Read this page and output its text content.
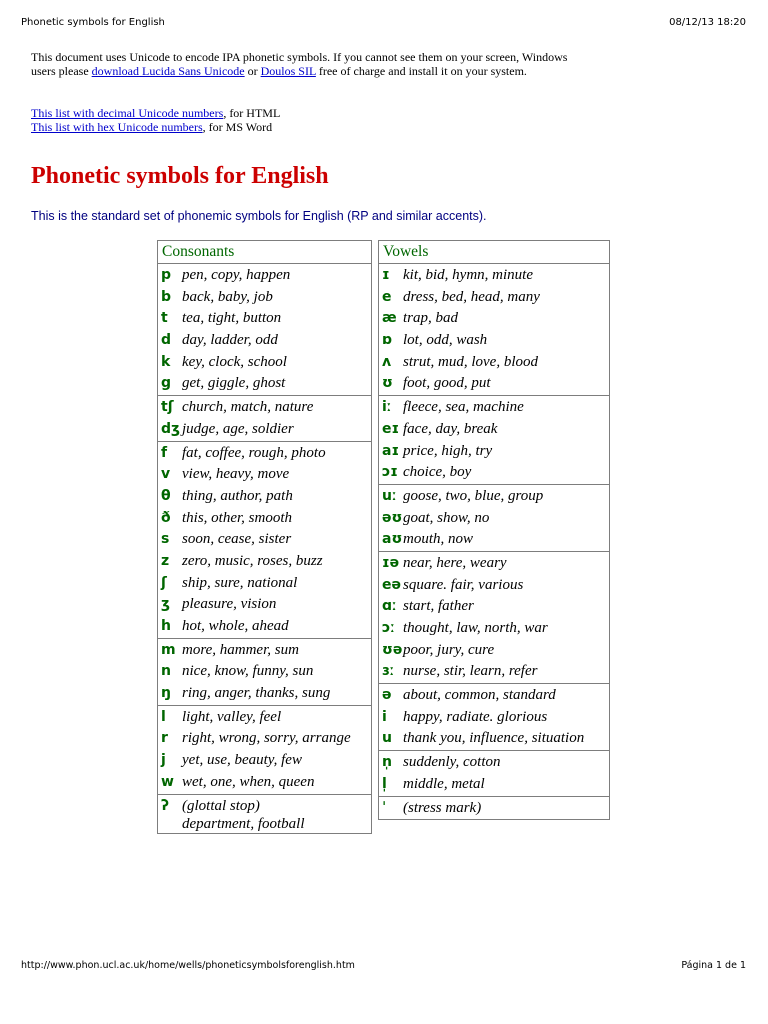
Phonetic symbols for English	08/12/13 18:20

This document uses Unicode to encode IPA phonetic symbols. If you cannot see them on your screen, Windows users please download Lucida Sans Unicode or Doulos SIL free of charge and install it on your system.

This list with decimal Unicode numbers, for HTML
This list with hex Unicode numbers, for MS Word
Phonetic symbols for English
This is the standard set of phonemic symbols for English (RP and similar accents).
Consonants
p pen, copy, happen
b back, baby, job
t tea, tight, button
d day, ladder, odd
k key, clock, school
g get, giggle, ghost
tʃ church, match, nature
dʒ judge, age, soldier
f fat, coffee, rough, photo
v view, heavy, move
θ thing, author, path
ð this, other, smooth
s soon, cease, sister
z zero, music, roses, buzz
ʃ ship, sure, national
ʒ pleasure, vision
h hot, whole, ahead
m more, hammer, sum
n nice, know, funny, sun
ŋ ring, anger, thanks, sung
l light, valley, feel
r right, wrong, sorry, arrange
j yet, use, beauty, few
w wet, one, when, queen
ʔ (glottal stop)
department, football
Vowels
ɪ kit, bid, hymn, minute
e dress, bed, head, many
æ trap, bad
ɒ lot, odd, wash
ʌ strut, mud, love, blood
ʊ foot, good, put
iː fleece, sea, machine
eɪ face, day, break
aɪ price, high, try
ɔɪ choice, boy
uː goose, two, blue, group
əʊ goat, show, no
aʊ mouth, now
ɪə near, here, weary
eə square. fair, various
ɑː start, father
ɔː thought, law, north, war
ʊə poor, jury, cure
ɜː nurse, stir, learn, refer
ə about, common, standard
i happy, radiate. glorious
u thank you, influence, situation
n̩ suddenly, cotton
l̩ middle, metal
ˈ (stress mark)
http://www.phon.ucl.ac.uk/home/wells/phoneticsymbolsforenglish.htm	Página 1 de 1
